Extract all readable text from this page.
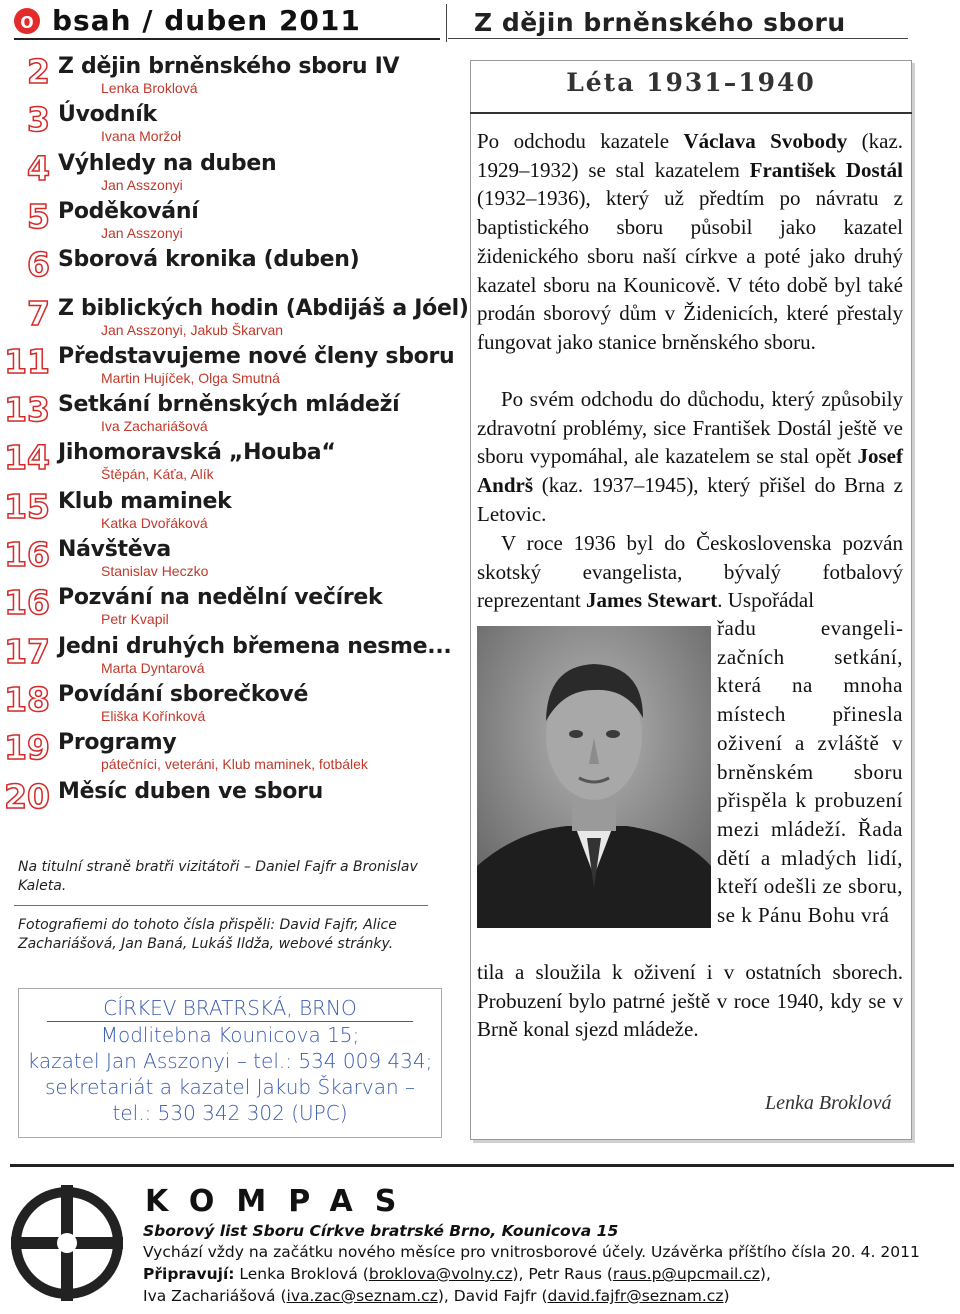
o bsah / duben 2011
2 Z dějin brněnského sboru IV
Lenka Broklová
3 Úvodník
Ivana Moržoł
4 Výhledy na duben
Jan Asszonyi
5 Poděkování
Jan Asszonyi
6 Sborová kronika (duben)
7 Z biblických hodin (Abdijáš a Jóel)
Jan Asszonyi, Jakub Škarvan
11 Představujeme nové členy sboru
Martin Hujíček, Olga Smutná
13 Setkání brněnských mládeží
Iva Zachariášová
14 Jihomoravská „Houba“
Štěpán, Káťa, Alík
15 Klub maminek
Katka Dvořáková
16 Návštěva
Stanislav Heczko
16 Pozvání na nedělní večírek
Petr Kvapil
17 Jedni druhých břemena nesme...
Marta Dyntarová
18 Povídání sborečkové
Eliška Kořínková
19 Programy
pátečníci, veteráni, Klub maminek, fotbálek
20 Měsíc duben ve sboru
Na titulní straně bratři vizitátoři – Daniel Fajfr a Bronislav Kaleta.
Fotografiemi do tohoto čísla přispěli: David Fajfr, Alice Zachariášová, Jan Baná, Lukáš Ildža, webové stránky.
CÍRKEV BRATRSKÁ, BRNO
Modlitebna Kounicova 15;
kazatel Jan Asszonyi – tel.: 534 009 434;
sekretariát a kazatel Jakub Škarvan –
tel.: 530 342 302 (UPC)
Z dějin brněnského sboru
Léta 1931–1940
Po odchodu kazatele Václava Svobody (kaz. 1929–1932) se stal kazatelem František Dostál (1932–1936), který už předtím po návratu z baptistického sboru působil jako kazatel židenického sboru naší církve a poté jako druhý kazatel sboru na Kounicově. V této době byl také prodán sborový dům v Židenicích, které přestaly fungovat jako stanice brněnského sboru.
Po svém odchodu do důchodu, který způsobily zdravotní problémy, sice František Dostál ještě ve sboru vypomáhal, ale kazatelem se stal opět Josef Andrš (kaz. 1937–1945), který přišel do Brna z Letovic.
V roce 1936 byl do Československa pozván skotský evangelista, bývalý fotbalový reprezentant James Stewart. Uspořádal
řadu evangelizačních setkání, která na mnoha místech přinesla oživení a zvláště v brněnském sboru přispěla k probuzení mezi mládeží. Řada dětí a mladých lidí, kteří odešli ze sboru, se k Pánu Bohu vrá
tila a sloužila k oživení i v ostatních sborech. Probuzení bylo patrné ještě v roce 1940, kdy se v Brně konal sjezd mládeže.
Lenka Broklová
KOMPAS
Sborový list Sboru Církve bratrské Brno, Kounicova 15
Vychází vždy na začátku nového měsíce pro vnitrosborové účely. Uzávěrka příštího čísla 20. 4. 2011
Připravují: Lenka Broklová (broklova@volny.cz), Petr Raus (raus.p@upcmail.cz),
Iva Zachariášová (iva.zac@seznam.cz), David Fajfr (david.fajfr@seznam.cz)
